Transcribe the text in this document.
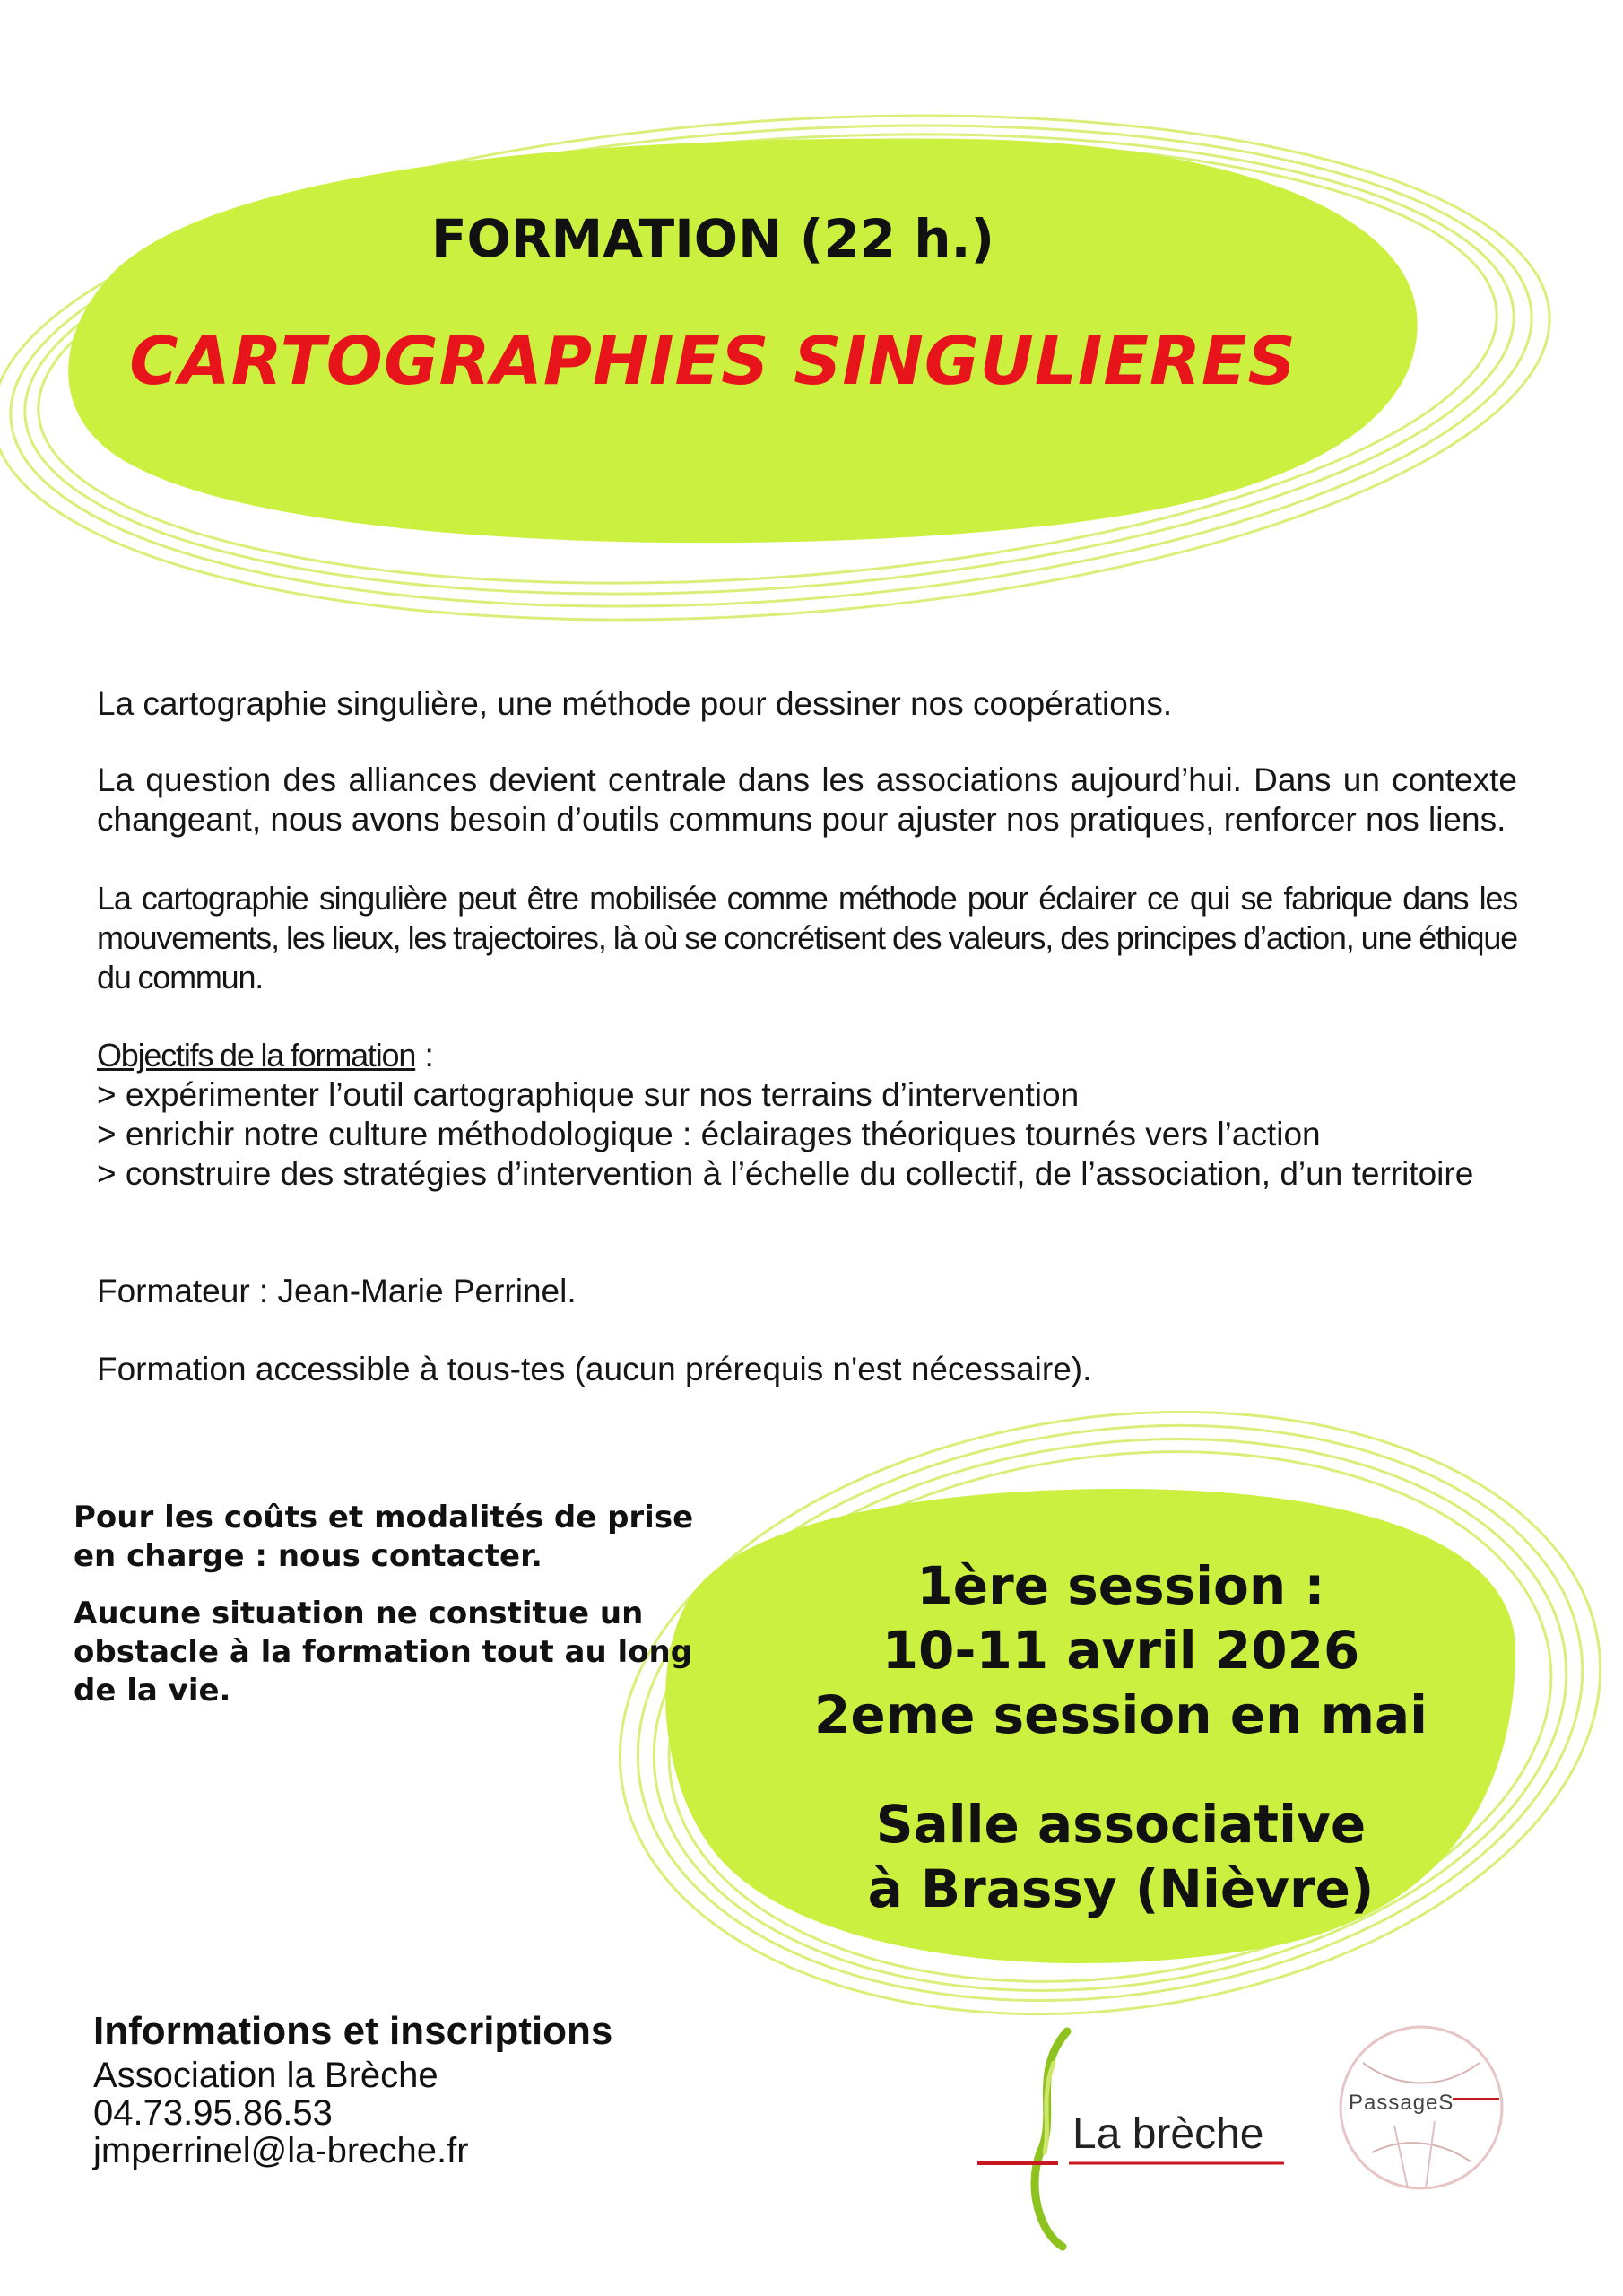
FORMATION (22 h.)
CARTOGRAPHIES SINGULIERES
La cartographie singulière, une méthode pour dessiner nos coopérations.
La question des alliances devient centrale dans les associations aujourd’hui. Dans un contexte changeant, nous avons besoin d’outils communs pour ajuster nos pratiques, renforcer nos liens.
La cartographie singulière peut être mobilisée comme méthode pour éclairer ce qui se fabrique dans les mouvements, les lieux, les trajectoires, là où se concrétisent des valeurs, des principes d’action, une éthique du commun.
Objectifs de la formation :
> expérimenter l’outil cartographique sur nos terrains d’intervention
> enrichir notre culture méthodologique : éclairages théoriques tournés vers l’action
> construire des stratégies d’intervention à l’échelle du collectif, de l’association, d’un territoire
Formateur : Jean-Marie Perrinel.
Formation accessible à tous-tes (aucun prérequis n'est nécessaire).
Pour les coûts et modalités de prise en charge : nous contacter.
Aucune situation ne constitue un obstacle à la formation tout au long de la vie.
1ère session :
10-11 avril 2026
2eme session en mai
Salle associative
à Brassy (Nièvre)
Informations et inscriptions
Association la Brèche
04.73.95.86.53
jmperrinel@la-breche.fr	La brèche
PassageS
